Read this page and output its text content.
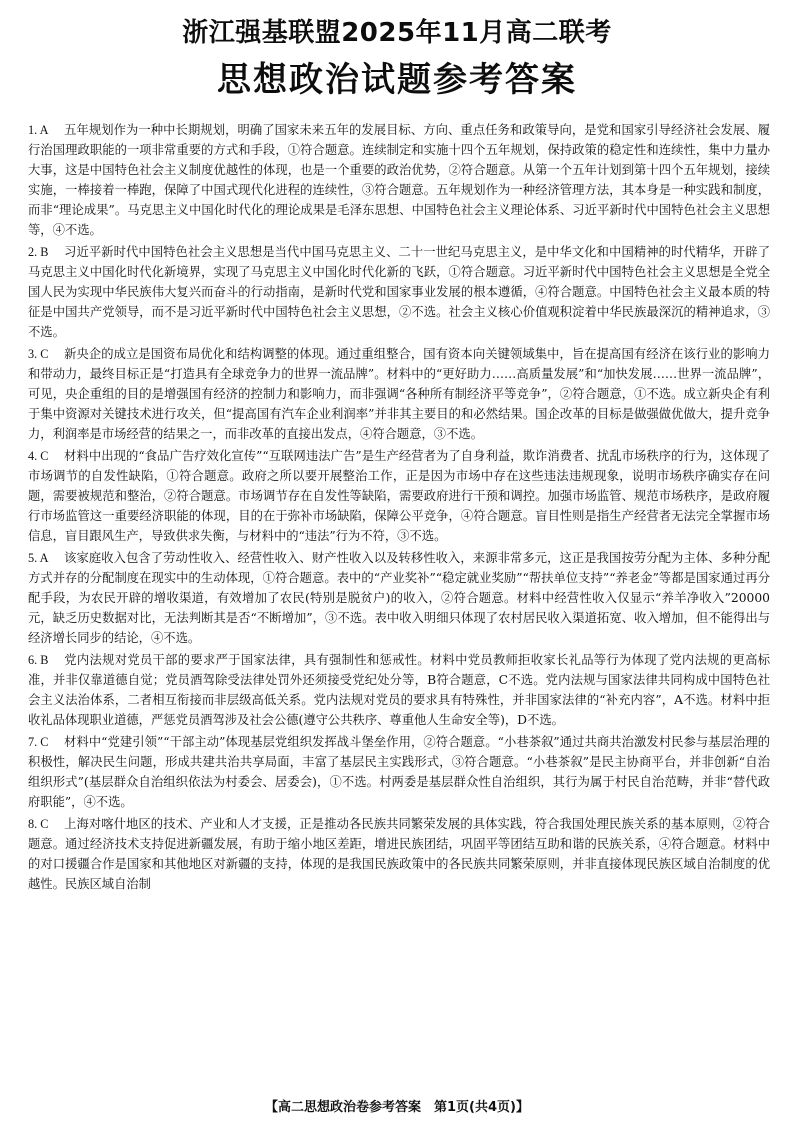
浙江强基联盟2025年11月高二联考
思想政治试题参考答案
1. A 五年规划作为一种中长期规划，明确了国家未来五年的发展目标、方向、重点任务和政策导向，是党和国家引导经济社会发展、履行治国理政职能的一项非常重要的方式和手段，①符合题意。连续制定和实施十四个五年规划，保持政策的稳定性和连续性，集中力量办大事，这是中国特色社会主义制度优越性的体现，也是一个重要的政治优势，②符合题意。从第一个五年计划到第十四个五年规划，接续实施，一棒接着一棒跑，保障了中国式现代化进程的连续性，③符合题意。五年规划作为一种经济管理方法，其本身是一种实践和制度，而非“理论成果”。马克思主义中国化时代化的理论成果是毛泽东思想、中国特色社会主义理论体系、习近平新时代中国特色社会主义思想等，④不选。
2. B 习近平新时代中国特色社会主义思想是当代中国马克思主义、二十一世纪马克思主义，是中华文化和中国精神的时代精华，开辟了马克思主义中国化时代化新境界，实现了马克思主义中国化时代化新的飞跃，①符合题意。习近平新时代中国特色社会主义思想是全党全国人民为实现中华民族伟大复兴而奋斗的行动指南，是新时代党和国家事业发展的根本遵循，④符合题意。中国特色社会主义最本质的特征是中国共产党领导，而不是习近平新时代中国特色社会主义思想，②不选。社会主义核心价值观积淀着中华民族最深沉的精神追求，③不选。
3. C 新央企的成立是国资布局优化和结构调整的体现。通过重组整合，国有资本向关键领域集中，旨在提高国有经济在该行业的影响力和带动力，最终目标正是“打造具有全球竞争力的世界一流品牌”。材料中的“更好助力……高质量发展”和“加快发展……世界一流品牌”，可见，央企重组的目的是增强国有经济的控制力和影响力，而非强调“各种所有制经济平等竞争”，②符合题意，①不选。成立新央企有利于集中资源对关键技术进行攻关，但“提高国有汽车企业利润率”并非其主要目的和必然结果。国企改革的目标是做强做优做大，提升竞争力，利润率是市场经营的结果之一，而非改革的直接出发点，④符合题意，③不选。
4. C 材料中出现的“食品广告疗效化宣传”“互联网违法广告”是生产经营者为了自身利益，欺诈消费者、扰乱市场秩序的行为，这体现了市场调节的自发性缺陷，①符合题意。政府之所以要开展整治工作，正是因为市场中存在这些违法违规现象，说明市场秩序确实存在问题，需要被规范和整治，②符合题意。市场调节存在自发性等缺陷，需要政府进行干预和调控。加强市场监管、规范市场秩序，是政府履行市场监管这一重要经济职能的体现，目的在于弥补市场缺陷，保障公平竞争，④符合题意。盲目性则是指生产经营者无法完全掌握市场信息，盲目跟风生产，导致供求失衡，与材料中的“违法”行为不符，③不选。
5. A 该家庭收入包含了劳动性收入、经营性收入、财产性收入以及转移性收入，来源非常多元，这正是我国按劳分配为主体、多种分配方式并存的分配制度在现实中的生动体现，①符合题意。表中的“产业奖补”“稳定就业奖励”“帮扶单位支持”“养老金”等都是国家通过再分配手段，为农民开辟的增收渠道，有效增加了农民(特别是脱贫户)的收入，②符合题意。材料中经营性收入仅显示“养羊净收入”20000元，缺乏历史数据对比，无法判断其是否“不断增加”，③不选。表中收入明细只体现了农村居民收入渠道拓宽、收入增加，但不能得出与经济增长同步的结论，④不选。
6. B 党内法规对党员干部的要求严于国家法律，具有强制性和惩戒性。材料中党员教师拒收家长礼品等行为体现了党内法规的更高标准，并非仅靠道德自觉；党员酒驾除受法律处罚外还须接受党纪处分等，B符合题意，C不选。党内法规与国家法律共同构成中国特色社会主义法治体系，二者相互衔接而非层级高低关系。党内法规对党员的要求具有特殊性，并非国家法律的“补充内容”，A不选。材料中拒收礼品体现职业道德，严惩党员酒驾涉及社会公德(遵守公共秩序、尊重他人生命安全等)，D不选。
7. C 材料中“党建引领”“干部主动”体现基层党组织发挥战斗堡垒作用，②符合题意。“小巷茶叙”通过共商共治激发村民参与基层治理的积极性，解决民生问题，形成共建共治共享局面，丰富了基层民主实践形式，③符合题意。“小巷茶叙”是民主协商平台，并非创新“自治组织形式”(基层群众自治组织依法为村委会、居委会)，①不选。村两委是基层群众性自治组织，其行为属于村民自治范畴，并非“替代政府职能”，④不选。
8. C 上海对喀什地区的技术、产业和人才支援，正是推动各民族共同繁荣发展的具体实践，符合我国处理民族关系的基本原则，②符合题意。通过经济技术支持促进新疆发展，有助于缩小地区差距，增进民族团结，巩固平等团结互助和谐的民族关系，④符合题意。材料中的对口援疆合作是国家和其他地区对新疆的支持，体现的是我国民族政策中的各民族共同繁荣原则，并非直接体现民族区域自治制度的优越性。民族区域自治制
【高二思想政治卷参考答案　第1页(共4页)】
